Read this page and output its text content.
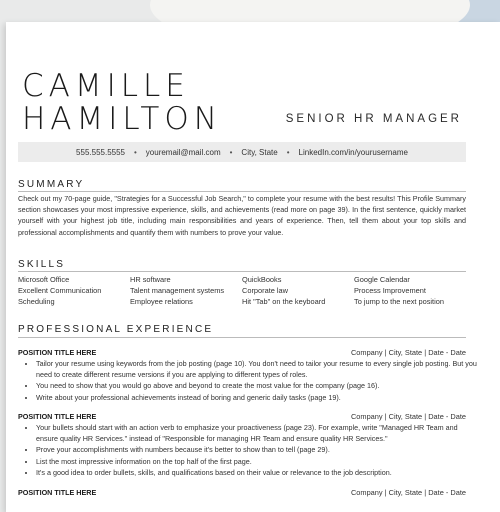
CAMILLE
HAMILTON	SENIOR HR MANAGER
555.555.5555 • youremail@mail.com • City, State • LinkedIn.com/in/yourusername
SUMMARY
Check out my 70-page guide, "Strategies for a Successful Job Search," to complete your resume with the best results! This Profile Summary section showcases your most impressive experience, skills, and achievements (read more on page 39). In the first sentence, quickly market yourself with your highest job title, including main responsibilities and years of experience. Then, tell them about your top skills and professional accomplishments and quantify them with numbers to prove your value.
SKILLS
Microsoft Office	HR software	QuickBooks	Google Calendar
Excellent Communication	Talent management systems	Corporate law	Process Improvement
Scheduling	Employee relations	Hit "Tab" on the keyboard	To jump to the next position
PROFESSIONAL EXPERIENCE
POSITION TITLE HERE	Company | City, State | Date - Date
• Tailor your resume using keywords from the job posting (page 10). You don't need to tailor your resume to every single job posting. But you need to create different resume versions if you are applying to different types of roles.
• You need to show that you would go above and beyond to create the most value for the company (page 16).
• Write about your professional achievements instead of boring and generic daily tasks (page 19).
POSITION TITLE HERE	Company | City, State | Date - Date
• Your bullets should start with an action verb to emphasize your proactiveness (page 23). For example, write "Managed HR Team and ensure quality HR Services." instead of "Responsible for managing HR Team and ensure quality HR Services."
• Prove your accomplishments with numbers because it's better to show than to tell (page 29).
• List the most impressive information on the top half of the first page.
• It's a good idea to order bullets, skills, and qualifications based on their value or relevance to the job description.
POSITION TITLE HERE	Company | City, State | Date - Date
